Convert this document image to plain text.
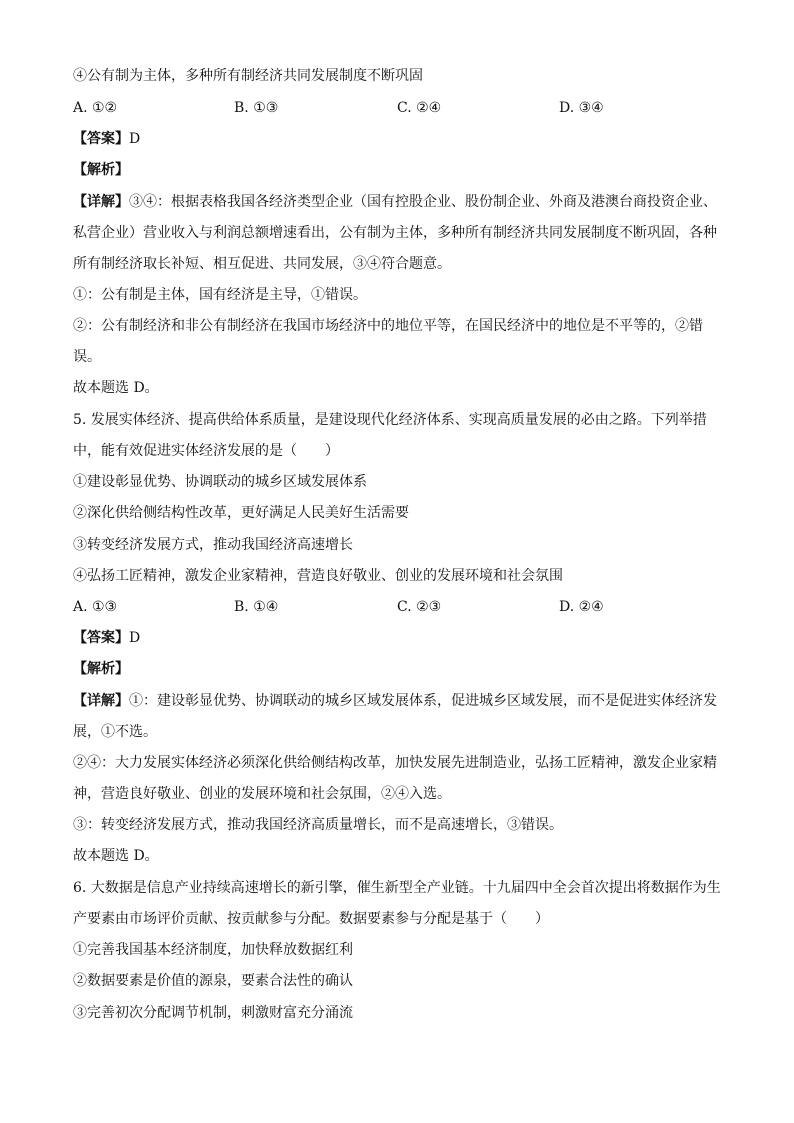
④公有制为主体，多种所有制经济共同发展制度不断巩固
A. ①②	B. ①③	C. ②④	D. ③④
【答案】D
【解析】
【详解】③④：根据表格我国各经济类型企业（国有控股企业、股份制企业、外商及港澳台商投资企业、
私营企业）营业收入与利润总额增速看出，公有制为主体，多种所有制经济共同发展制度不断巩固，各种
所有制经济取长补短、相互促进、共同发展，③④符合题意。
①：公有制是主体，国有经济是主导，①错误。
②：公有制经济和非公有制经济在我国市场经济中的地位平等，在国民经济中的地位是不平等的，②错
误。
故本题选 D。
5. 发展实体经济、提高供给体系质量，是建设现代化经济体系、实现高质量发展的必由之路。下列举措
中，能有效促进实体经济发展的是（　　）
①建设彰显优势、协调联动的城乡区域发展体系
②深化供给侧结构性改革，更好满足人民美好生活需要
③转变经济发展方式，推动我国经济高速增长
④弘扬工匠精神，激发企业家精神，营造良好敬业、创业的发展环境和社会氛围
A. ①③	B. ①④	C. ②③	D. ②④
【答案】D
【解析】
【详解】①：建设彰显优势、协调联动的城乡区域发展体系，促进城乡区域发展，而不是促进实体经济发
展，①不选。
②④：大力发展实体经济必须深化供给侧结构改革，加快发展先进制造业，弘扬工匠精神，激发企业家精
神，营造良好敬业、创业的发展环境和社会氛围，②④入选。
③：转变经济发展方式，推动我国经济高质量增长，而不是高速增长，③错误。
故本题选 D。
6. 大数据是信息产业持续高速增长的新引擎，催生新型全产业链。十九届四中全会首次提出将数据作为生
产要素由市场评价贡献、按贡献参与分配。数据要素参与分配是基于（　　）
①完善我国基本经济制度，加快释放数据红利
②数据要素是价值的源泉，要素合法性的确认
③完善初次分配调节机制，刺激财富充分涌流
